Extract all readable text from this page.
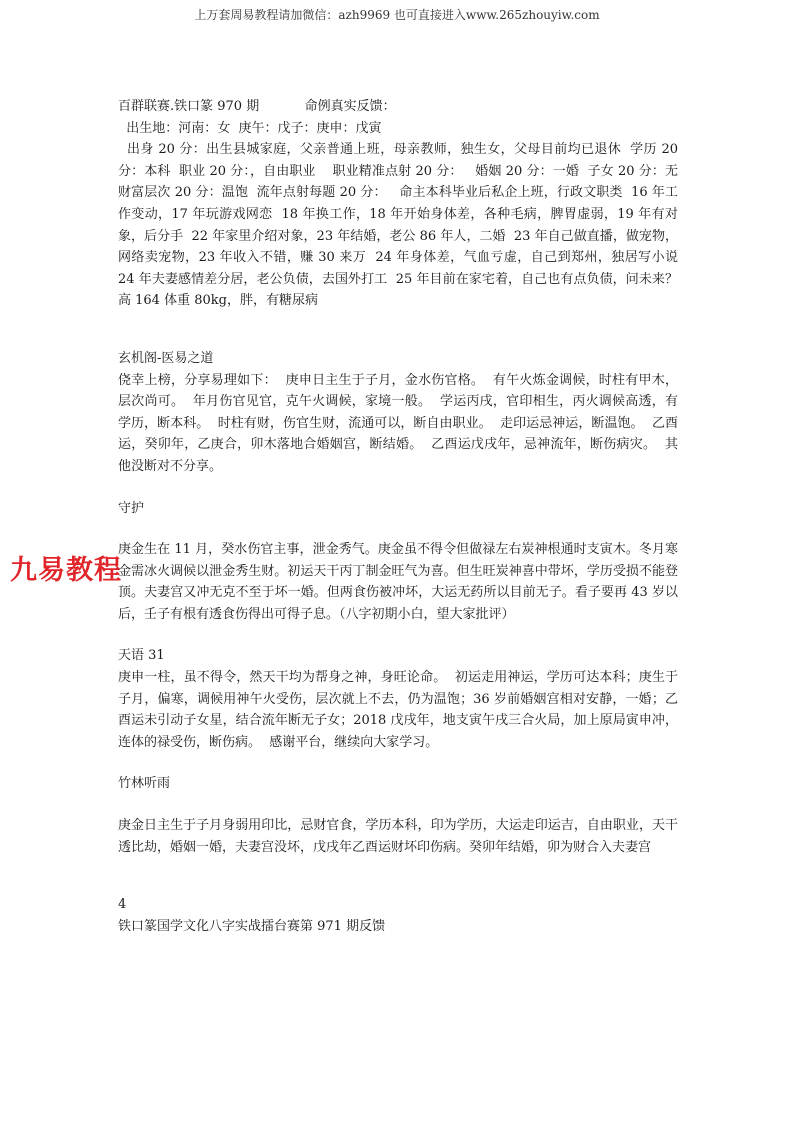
上万套周易教程请加微信：azh9969 也可直接进入www.265zhouyiw.com
九易教程

百群联赛.铁口篆 970 期           命例真实反馈：

出生地：河南：女  庚午：戊子：庚申：戊寅

出身 20 分：出生县城家庭，父亲普通上班，母亲教师，独生女，父母目前均已退休  学历 20 分：本科  职业 20 分：，自由职业    职业精准点射 20 分：   婚姻 20 分：一婚  子女 20 分：无  财富层次 20 分：温饱  流年点射每题 20 分：   命主本科毕业后私企上班，行政文职类  16 年工作变动，17 年玩游戏网恋  18 年换工作，18 年开始身体差，各种毛病，脾胃虚弱，19 年有对象，后分手  22 年家里介绍对象，23 年结婚，老公 86 年人，二婚  23 年自己做直播，做宠物，网络卖宠物，23 年收入不错，赚 30 来万  24 年身体差，气血亏虚，自己到郑州，独居写小说  24 年夫妻感情差分居，老公负债，去国外打工  25 年目前在家宅着，自己也有点负债，问未来？高 164 体重 80kg，胖，有糖尿病

玄机阁-医易之道

侥幸上榜，分享易理如下：  庚申日主生于子月，金水伤官格。  有午火炼金调候，时柱有甲木，层次尚可。  年月伤官见官，克午火调候，家境一般。  学运丙戌，官印相生，丙火调候高透，有学历，断本科。  时柱有财，伤官生财，流通可以，断自由职业。  走印运忌神运，断温饱。  乙酉运，癸卯年，乙庚合，卯木落地合婚姻宫，断结婚。  乙酉运戊戌年，忌神流年，断伤病灾。  其他没断对不分享。

守护

庚金生在 11 月，癸水伤官主事，泄金秀气。庚金虽不得令但做禄左右炭神根通时支寅木。冬月寒金需冰火调候以泄金秀生财。初运天干丙丁制金旺气为喜。但生旺炭神喜中带坏，学历受损不能登顶。夫妻宫又冲无克不至于坏一婚。但两食伤被冲坏，大运无药所以目前无子。看子要再 43 岁以后，壬子有根有透食伤得出可得子息。（八字初期小白，望大家批评）

天语 31

庚申一柱，虽不得令，然天干均为帮身之神，身旺论命。  初运走用神运，学历可达本科；庚生于子月，偏寒，调候用神午火受伤，层次就上不去，仍为温饱；36 岁前婚姻宫相对安静，一婚；乙酉运未引动子女星，结合流年断无子女；2018 戊戌年，地支寅午戌三合火局，加上原局寅申冲，连体的禄受伤，断伤病。  感谢平台，继续向大家学习。

竹林听雨

庚金日主生于子月身弱用印比，忌财官食，学历本科，印为学历，大运走印运吉，自由职业，天干透比劫，婚姻一婚，夫妻宫没坏，戊戌年乙酉运财坏印伤病。癸卯年结婚，卯为财合入夫妻宫

4

铁口篆国学文化八字实战擂台赛第 971 期反馈
